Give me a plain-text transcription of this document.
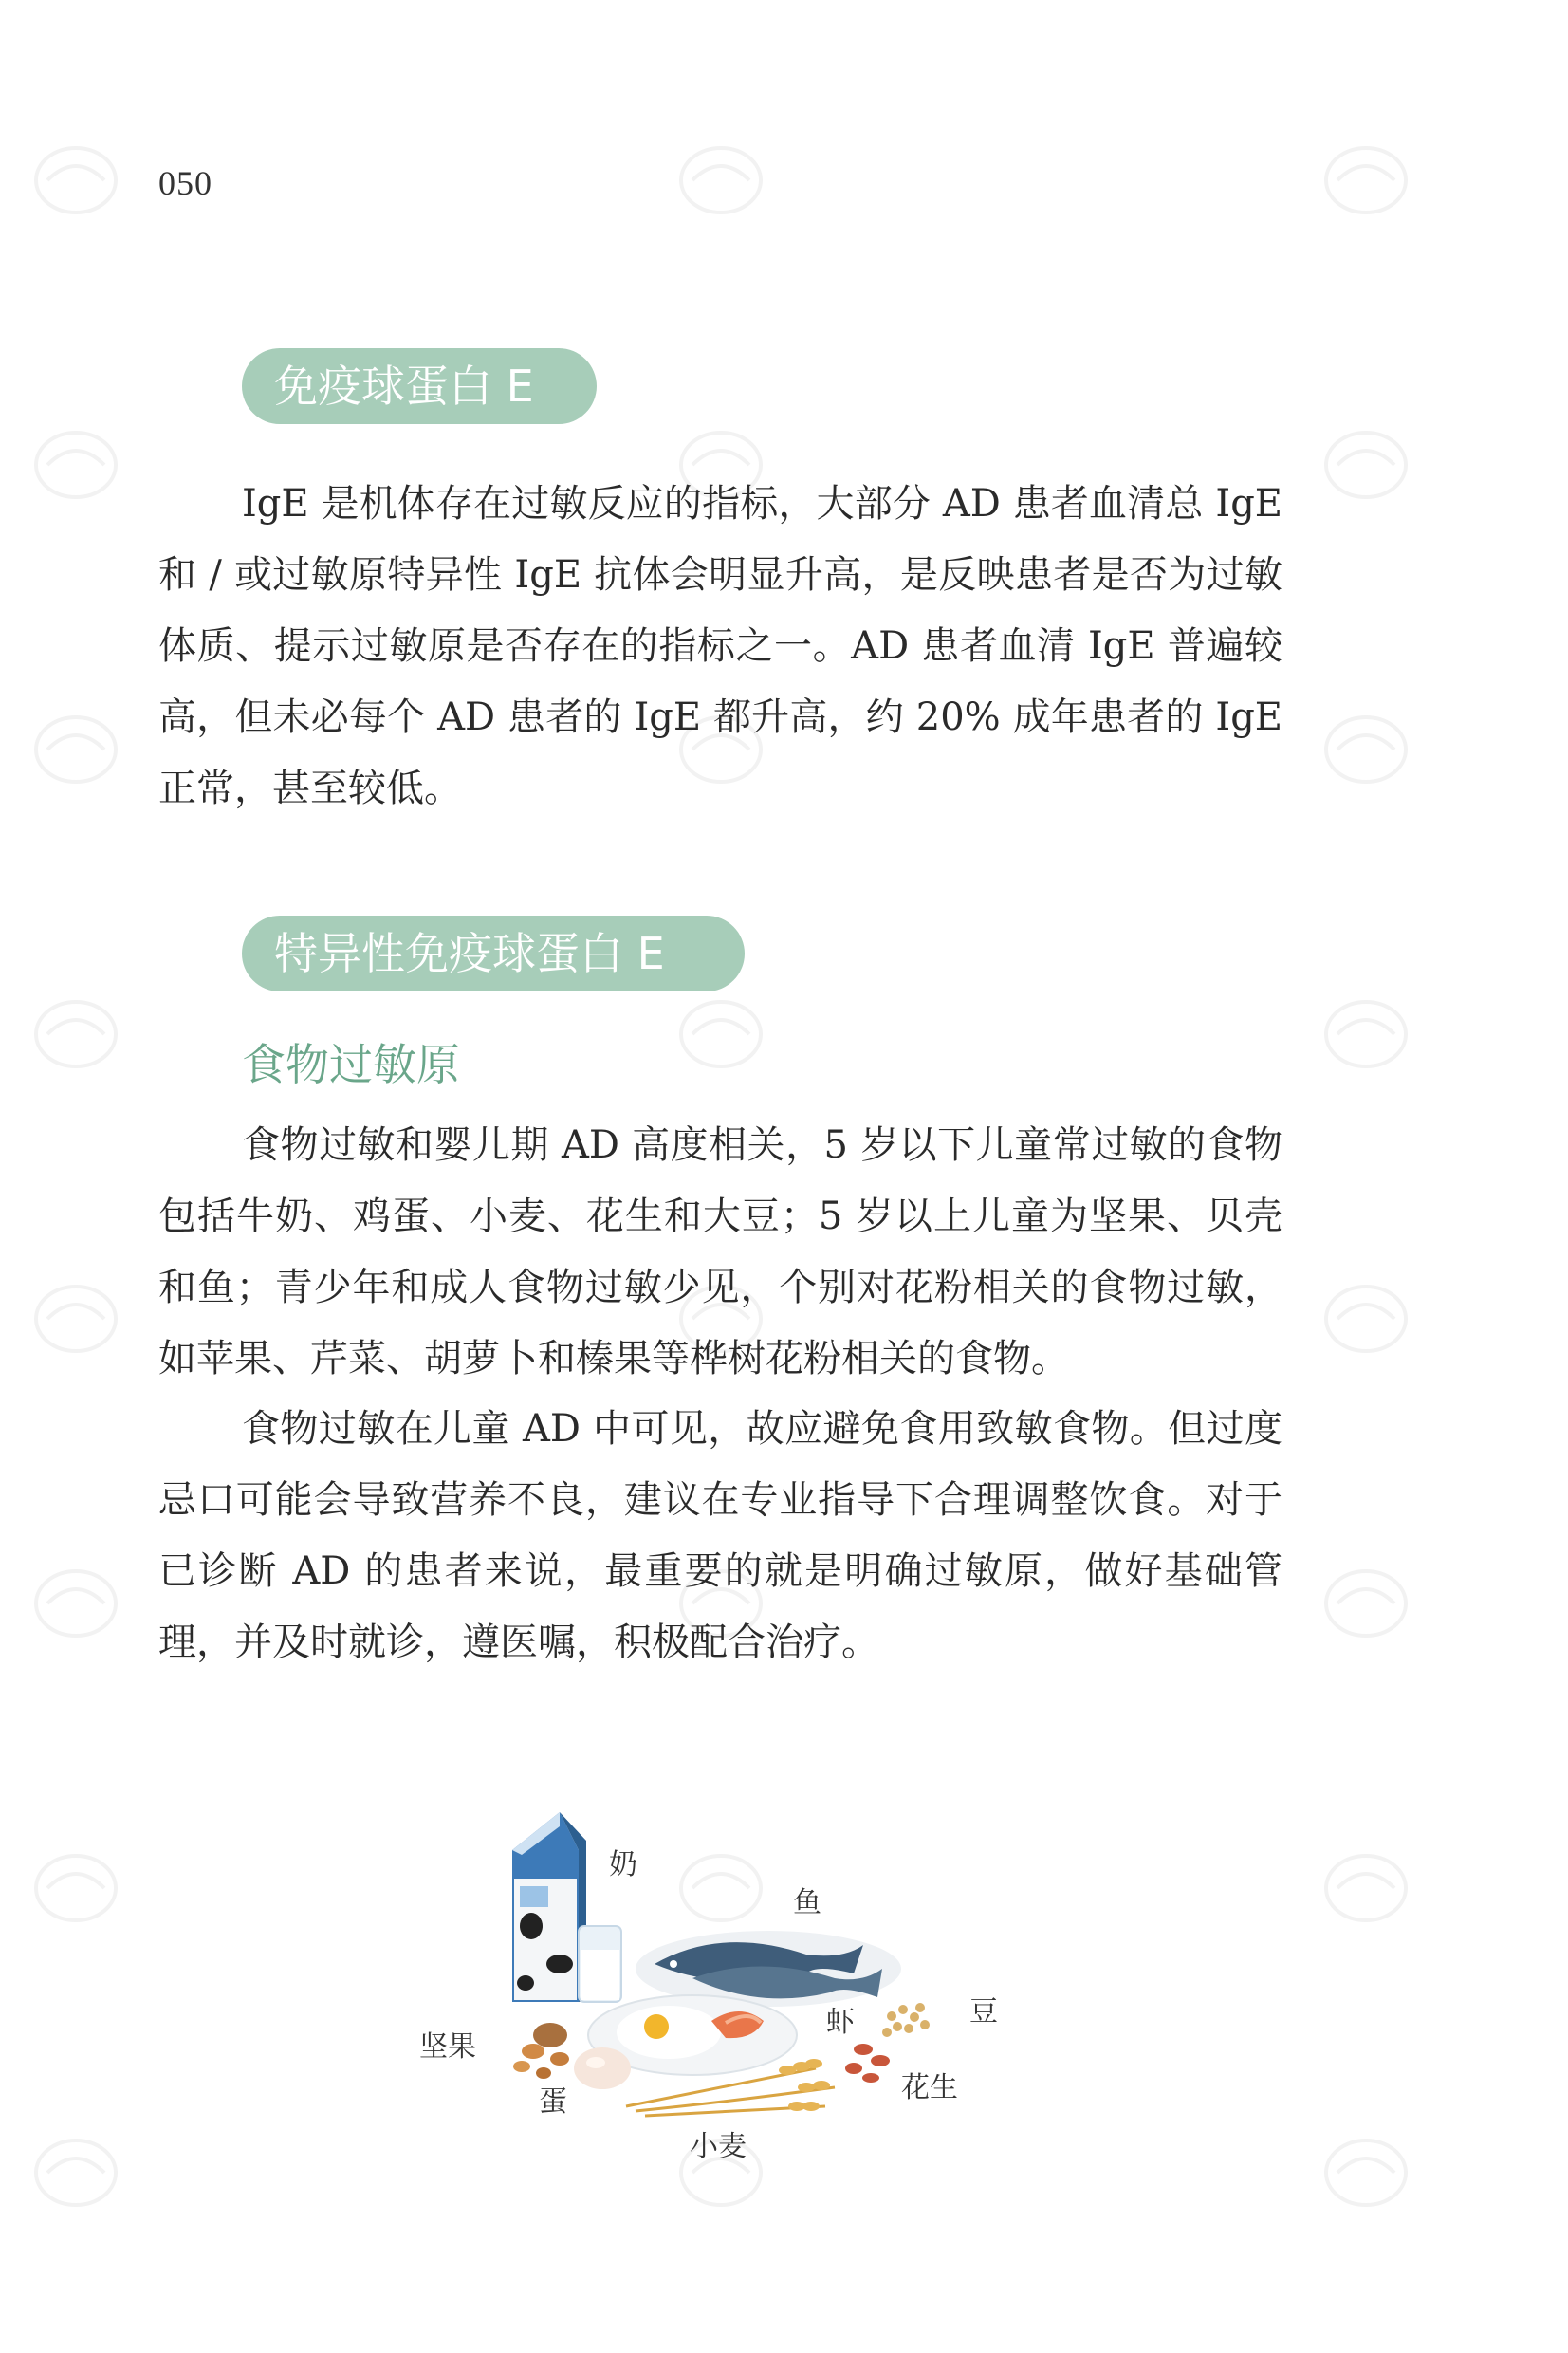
050
免疫球蛋白 E

IgE 是机体存在过敏反应的指标，大部分 AD 患者血清总 IgE 和 / 或过敏原特异性 IgE 抗体会明显升高，是反映患者是否为过敏体质、提示过敏原是否存在的指标之一。AD 患者血清 IgE 普遍较高，但未必每个 AD 患者的 IgE 都升高，约 20% 成年患者的 IgE 正常，甚至较低。

特异性免疫球蛋白 E
食物过敏原

食物过敏和婴儿期 AD 高度相关，5 岁以下儿童常过敏的食物包括牛奶、鸡蛋、小麦、花生和大豆；5 岁以上儿童为坚果、贝壳和鱼；青少年和成人食物过敏少见，个别对花粉相关的食物过敏，如苹果、芹菜、胡萝卜和榛果等桦树花粉相关的食物。

食物过敏在儿童 AD 中可见，故应避免食用致敏食物。但过度忌口可能会导致营养不良，建议在专业指导下合理调整饮食。对于已诊断 AD 的患者来说，最重要的就是明确过敏原，做好基础管理，并及时就诊，遵医嘱，积极配合治疗。

奶
鱼
虾	豆
坚果
蛋	花生
小麦
